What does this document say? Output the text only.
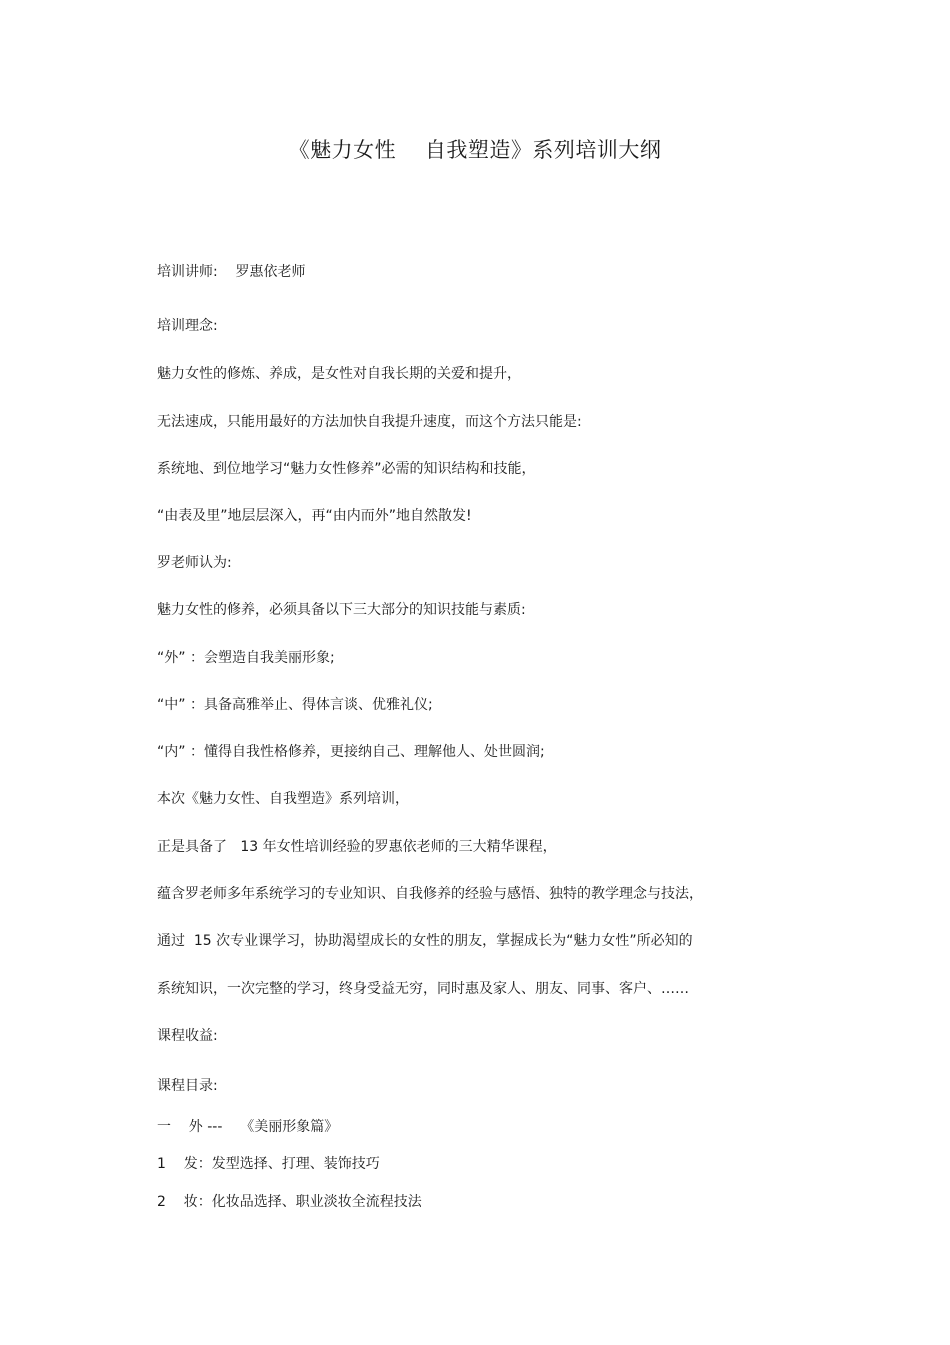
《魅力女性    自我塑造》系列培训大纲
培训讲师:    罗惠依老师
培训理念:
魅力女性的修炼、养成，是女性对自我长期的关爱和提升，
无法速成，只能用最好的方法加快自我提升速度，而这个方法只能是:
系统地、到位地学习“魅力女性修养”必需的知识结构和技能，
“由表及里”地层层深入，再“由内而外”地自然散发!
罗老师认为:
魅力女性的修养，必须具备以下三大部分的知识技能与素质:
“外” ：会塑造自我美丽形象;
“中” ：具备高雅举止、得体言谈、优雅礼仪;
“内” ：懂得自我性格修养，更接纳自己、理解他人、处世圆润;
本次《魅力女性、自我塑造》系列培训，
正是具备了   13 年女性培训经验的罗惠依老师的三大精华课程，
蕴含罗老师多年系统学习的专业知识、自我修养的经验与感悟、独特的教学理念与技法，
通过  15 次专业课学习，协助渴望成长的女性的朋友，掌握成长为“魅力女性”所必知的
系统知识，一次完整的学习，终身受益无穷，同时惠及家人、朋友、同事、客户、……
课程收益:
课程目录:
一    外 ---    《美丽形象篇》
1    发：发型选择、打理、装饰技巧
2    妆：化妆品选择、职业淡妆全流程技法
